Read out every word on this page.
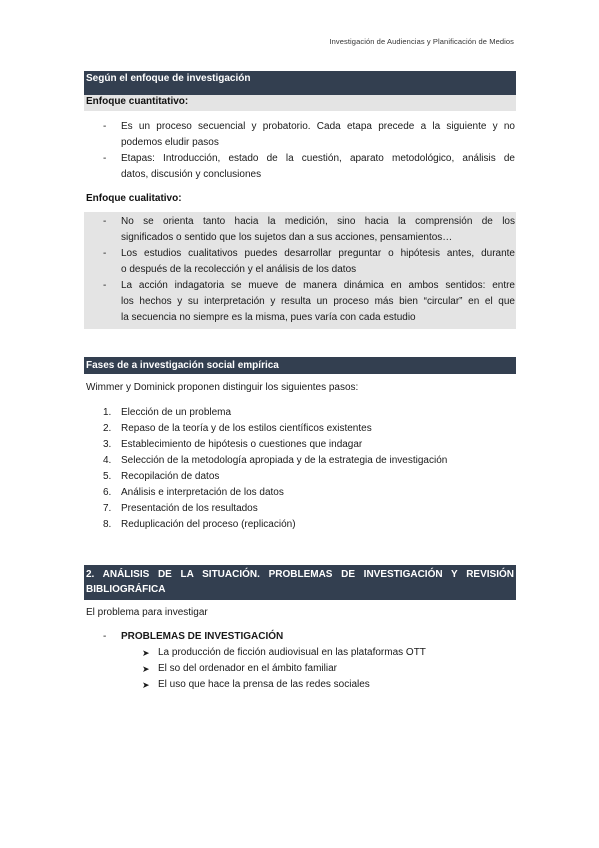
Investigación de Audiencias y Planificación de Medios
Según el enfoque de investigación
Enfoque cuantitativo:
- Es un proceso secuencial y probatorio. Cada etapa precede a la siguiente y no
podemos eludir pasos
- Etapas: Introducción, estado de la cuestión, aparato metodológico, análisis de
datos, discusión y conclusiones
Enfoque cualitativo:
- No se orienta tanto hacia la medición, sino hacia la comprensión de los
significados o sentido que los sujetos dan a sus acciones, pensamientos…
- Los estudios cualitativos puedes desarrollar preguntar o hipótesis antes, durante
o después de la recolección y el análisis de los datos
- La acción indagatoria se mueve de manera dinámica en ambos sentidos: entre
los hechos y su interpretación y resulta un proceso más bien “circular” en el que
la secuencia no siempre es la misma, pues varía con cada estudio
Fases de a investigación social empírica
Wimmer y Dominick proponen distinguir los siguientes pasos:
1. Elección de un problema
2. Repaso de la teoría y de los estilos científicos existentes
3. Establecimiento de hipótesis o cuestiones que indagar
4. Selección de la metodología apropiada y de la estrategia de investigación
5. Recopilación de datos
6. Análisis e interpretación de los datos
7. Presentación de los resultados
8. Reduplicación del proceso (replicación)
2. ANÁLISIS DE LA SITUACIÓN. PROBLEMAS DE INVESTIGACIÓN Y REVISIÓN
BIBLIOGRÁFICA
El problema para investigar
- PROBLEMAS DE INVESTIGACIÓN
➤ La producción de ficción audiovisual en las plataformas OTT
➤ El so del ordenador en el ámbito familiar
➤ El uso que hace la prensa de las redes sociales
